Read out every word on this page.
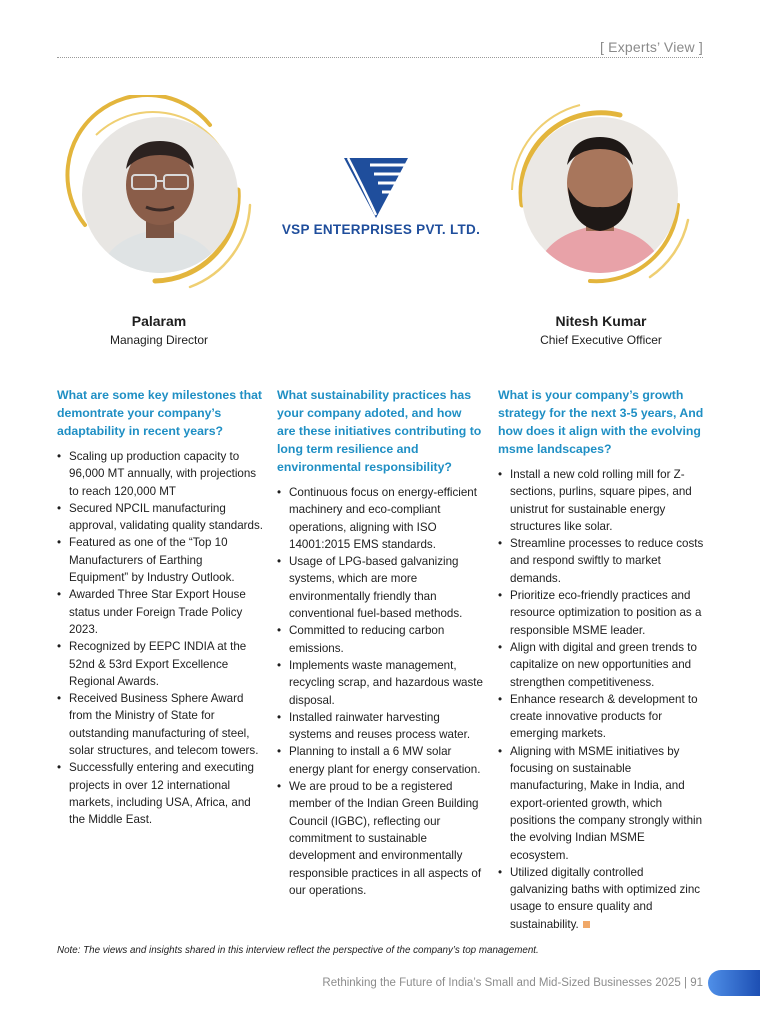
[ Experts’ View ]
Palaram
Managing Director
VSP ENTERPRISES PVT. LTD.
Nitesh Kumar
Chief Executive Officer
What are some key milestones that demontrate your company’s adaptability in recent years?
• Scaling up production capacity to 96,000 MT annually, with projections to reach 120,000 MT
• Secured NPCIL manufacturing approval, validating quality standards.
• Featured as one of the “Top 10 Manufacturers of Earthing Equipment” by Industry Outlook.
• Awarded Three Star Export House status under Foreign Trade Policy 2023.
• Recognized by EEPC INDIA at the 52nd & 53rd Export Excellence Regional Awards.
• Received Business Sphere Award from the Ministry of State for outstanding manufacturing of steel, solar structures, and telecom towers.
• Successfully entering and executing projects in over 12 international markets, including USA, Africa, and the Middle East.
What sustainability practices has your company adoted, and how are these initiatives contributing to long term resilience and environmental responsibility?
• Continuous focus on energy-efficient machinery and eco-compliant operations, aligning with ISO 14001:2015 EMS standards.
• Usage of LPG-based galvanizing systems, which are more environmentally friendly than conventional fuel-based methods.
• Committed to reducing carbon emissions.
• Implements waste management, recycling scrap, and hazardous waste disposal.
• Installed rainwater harvesting systems and reuses process water.
• Planning to install a 6 MW solar energy plant for energy conservation.
• We are proud to be a registered member of the Indian Green Building Council (IGBC), reflecting our commitment to sustainable development and environmentally responsible practices in all aspects of our operations.
What is your company’s growth strategy for the next 3-5 years, And how does it align with the evolving msme landscapes?
• Install a new cold rolling mill for Z-sections, purlins, square pipes, and unistrut for sustainable energy structures like solar.
• Streamline processes to reduce costs and respond swiftly to market demands.
• Prioritize eco-friendly practices and resource optimization to position as a responsible MSME leader.
• Align with digital and green trends to capitalize on new opportunities and strengthen competitiveness.
• Enhance research & development to create innovative products for emerging markets.
• Aligning with MSME initiatives by focusing on sustainable manufacturing, Make in India, and export-oriented growth, which positions the company strongly within the evolving Indian MSME ecosystem.
• Utilized digitally controlled galvanizing baths with optimized zinc usage to ensure quality and sustainability.
Note: The views and insights shared in this interview reflect the perspective of the company’s top management.
Rethinking the Future of India’s Small and Mid-Sized Businesses 2025 | 91
